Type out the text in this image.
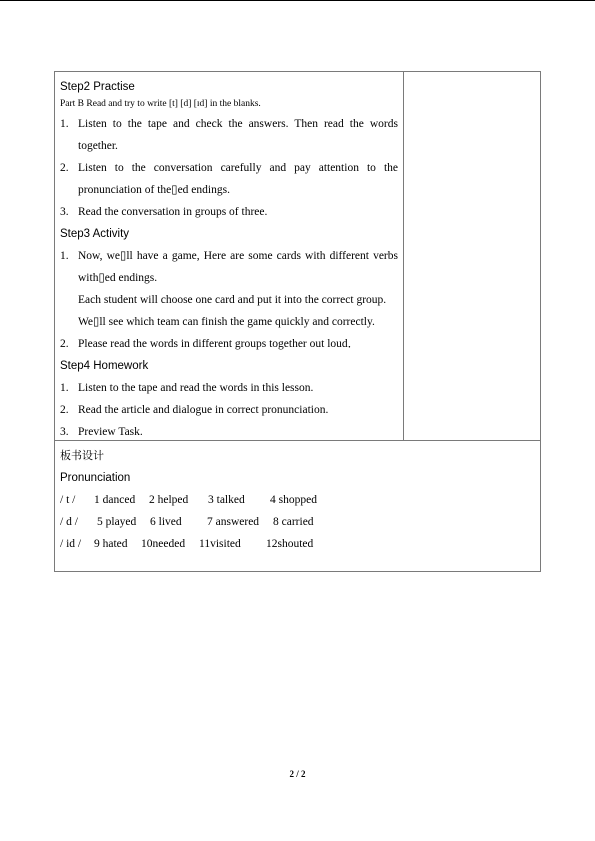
Step2 Practise
Part B Read and try to write [t] [d] [ɪd] in the blanks.
1. Listen to the tape and check the answers. Then read the words
together.
2. Listen to the conversation carefully and pay attention to the
pronunciation of the▯ed endings.
3. Read the conversation in groups of three.
Step3 Activity
1. Now, we▯ll have a game, Here are some cards with different verbs
with▯ed endings.
Each student will choose one card and put it into the correct group.
We▯ll see which team can finish the game quickly and correctly.
2. Please read the words in different groups together out loud．
Step4 Homework
1. Listen to the tape and read the words in this lesson.
2. Read the article and dialogue in correct pronunciation.
3. Preview Task.
板书设计
Pronunciation
/ t / 1 danced 2 helped 3 talked 4 shopped
/ d / 5 played 6 lived 7 answered 8 carried
/ id / 9 hated 10needed 11visited 12shouted
2 / 2
